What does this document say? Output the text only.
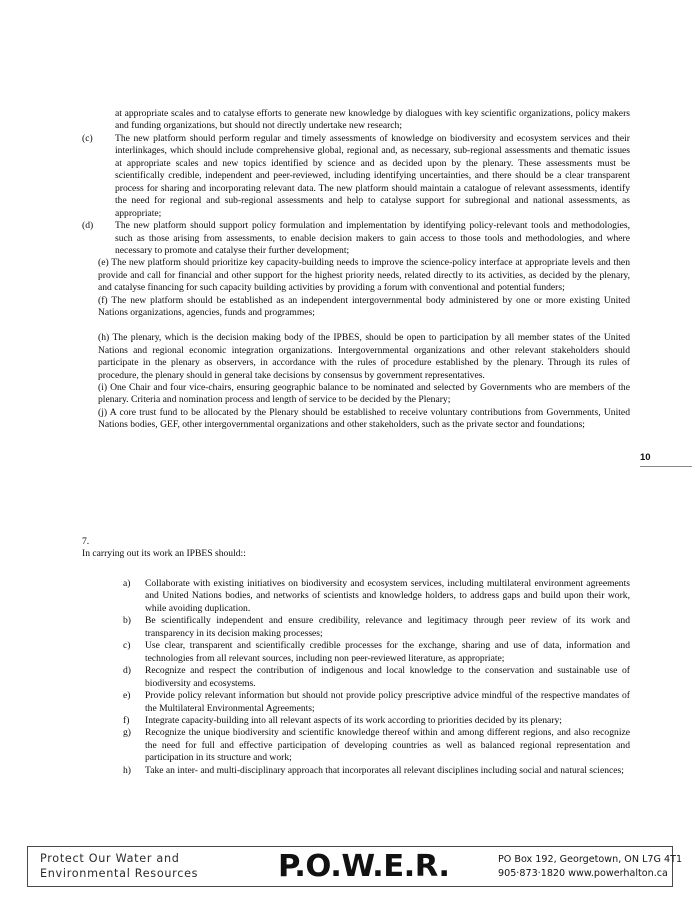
at appropriate scales and to catalyse efforts to generate new knowledge by dialogues with key scientific organizations, policy makers and funding organizations, but should not directly undertake new research;

(c) The new platform should perform regular and timely assessments of knowledge on biodiversity and ecosystem services and their interlinkages, which should include comprehensive global, regional and, as necessary, sub-regional assessments and thematic issues at appropriate scales and new topics identified by science and as decided upon by the plenary. These assessments must be scientifically credible, independent and peer-reviewed, including identifying uncertainties, and there should be a clear transparent process for sharing and incorporating relevant data. The new platform should maintain a catalogue of relevant assessments, identify the need for regional and sub-regional assessments and help to catalyse support for subregional and national assessments, as appropriate;

(d) The new platform should support policy formulation and implementation by identifying policy-relevant tools and methodologies, such as those arising from assessments, to enable decision makers to gain access to those tools and methodologies, and where necessary to promote and catalyse their further development;

(e) The new platform should prioritize key capacity-building needs to improve the science-policy interface at appropriate levels and then provide and call for financial and other support for the highest priority needs, related directly to its activities, as decided by the plenary, and catalyse financing for such capacity building activities by providing a forum with conventional and potential funders;

(f) The new platform should be established as an independent intergovernmental body administered by one or more existing United Nations organizations, agencies, funds and programmes;

(h) The plenary, which is the decision making body of the IPBES, should be open to participation by all member states of the United Nations and regional economic integration organizations. Intergovernmental organizations and other relevant stakeholders should participate in the plenary as observers, in accordance with the rules of procedure established by the plenary. Through its rules of procedure, the plenary should in general take decisions by consensus by government representatives.

(i) One Chair and four vice-chairs, ensuring geographic balance to be nominated and selected by Governments who are members of the plenary. Criteria and nomination process and length of service to be decided by the Plenary;

(j) A core trust fund to be allocated by the Plenary should be established to receive voluntary contributions from Governments, United Nations bodies, GEF, other intergovernmental organizations and other stakeholders, such as the private sector and foundations;

10
7.
In carrying out its work an IPBES should::

a) Collaborate with existing initiatives on biodiversity and ecosystem services, including multilateral environment agreements and United Nations bodies, and networks of scientists and knowledge holders, to address gaps and build upon their work, while avoiding duplication.

b) Be scientifically independent and ensure credibility, relevance and legitimacy through peer review of its work and transparency in its decision making processes;

c) Use clear, transparent and scientifically credible processes for the exchange, sharing and use of data, information and technologies from all relevant sources, including non peer-reviewed literature, as appropriate;

d) Recognize and respect the contribution of indigenous and local knowledge to the conservation and sustainable use of biodiversity and ecosystems.

e) Provide policy relevant information but should not provide policy prescriptive advice mindful of the respective mandates of the Multilateral Environmental Agreements;

f) Integrate capacity-building into all relevant aspects of its work according to priorities decided by its plenary;

g) Recognize the unique biodiversity and scientific knowledge thereof within and among different regions, and also recognize the need for full and effective participation of developing countries as well as balanced regional representation and participation in its structure and work;

h) Take an inter- and multi-disciplinary approach that incorporates all relevant disciplines including social and natural sciences;

Protect Our Water and
Environmental Resources	P.O.W.E.R.	PO Box 192, Georgetown, ON L7G 4T1
905·873·1820 www.powerhalton.ca
